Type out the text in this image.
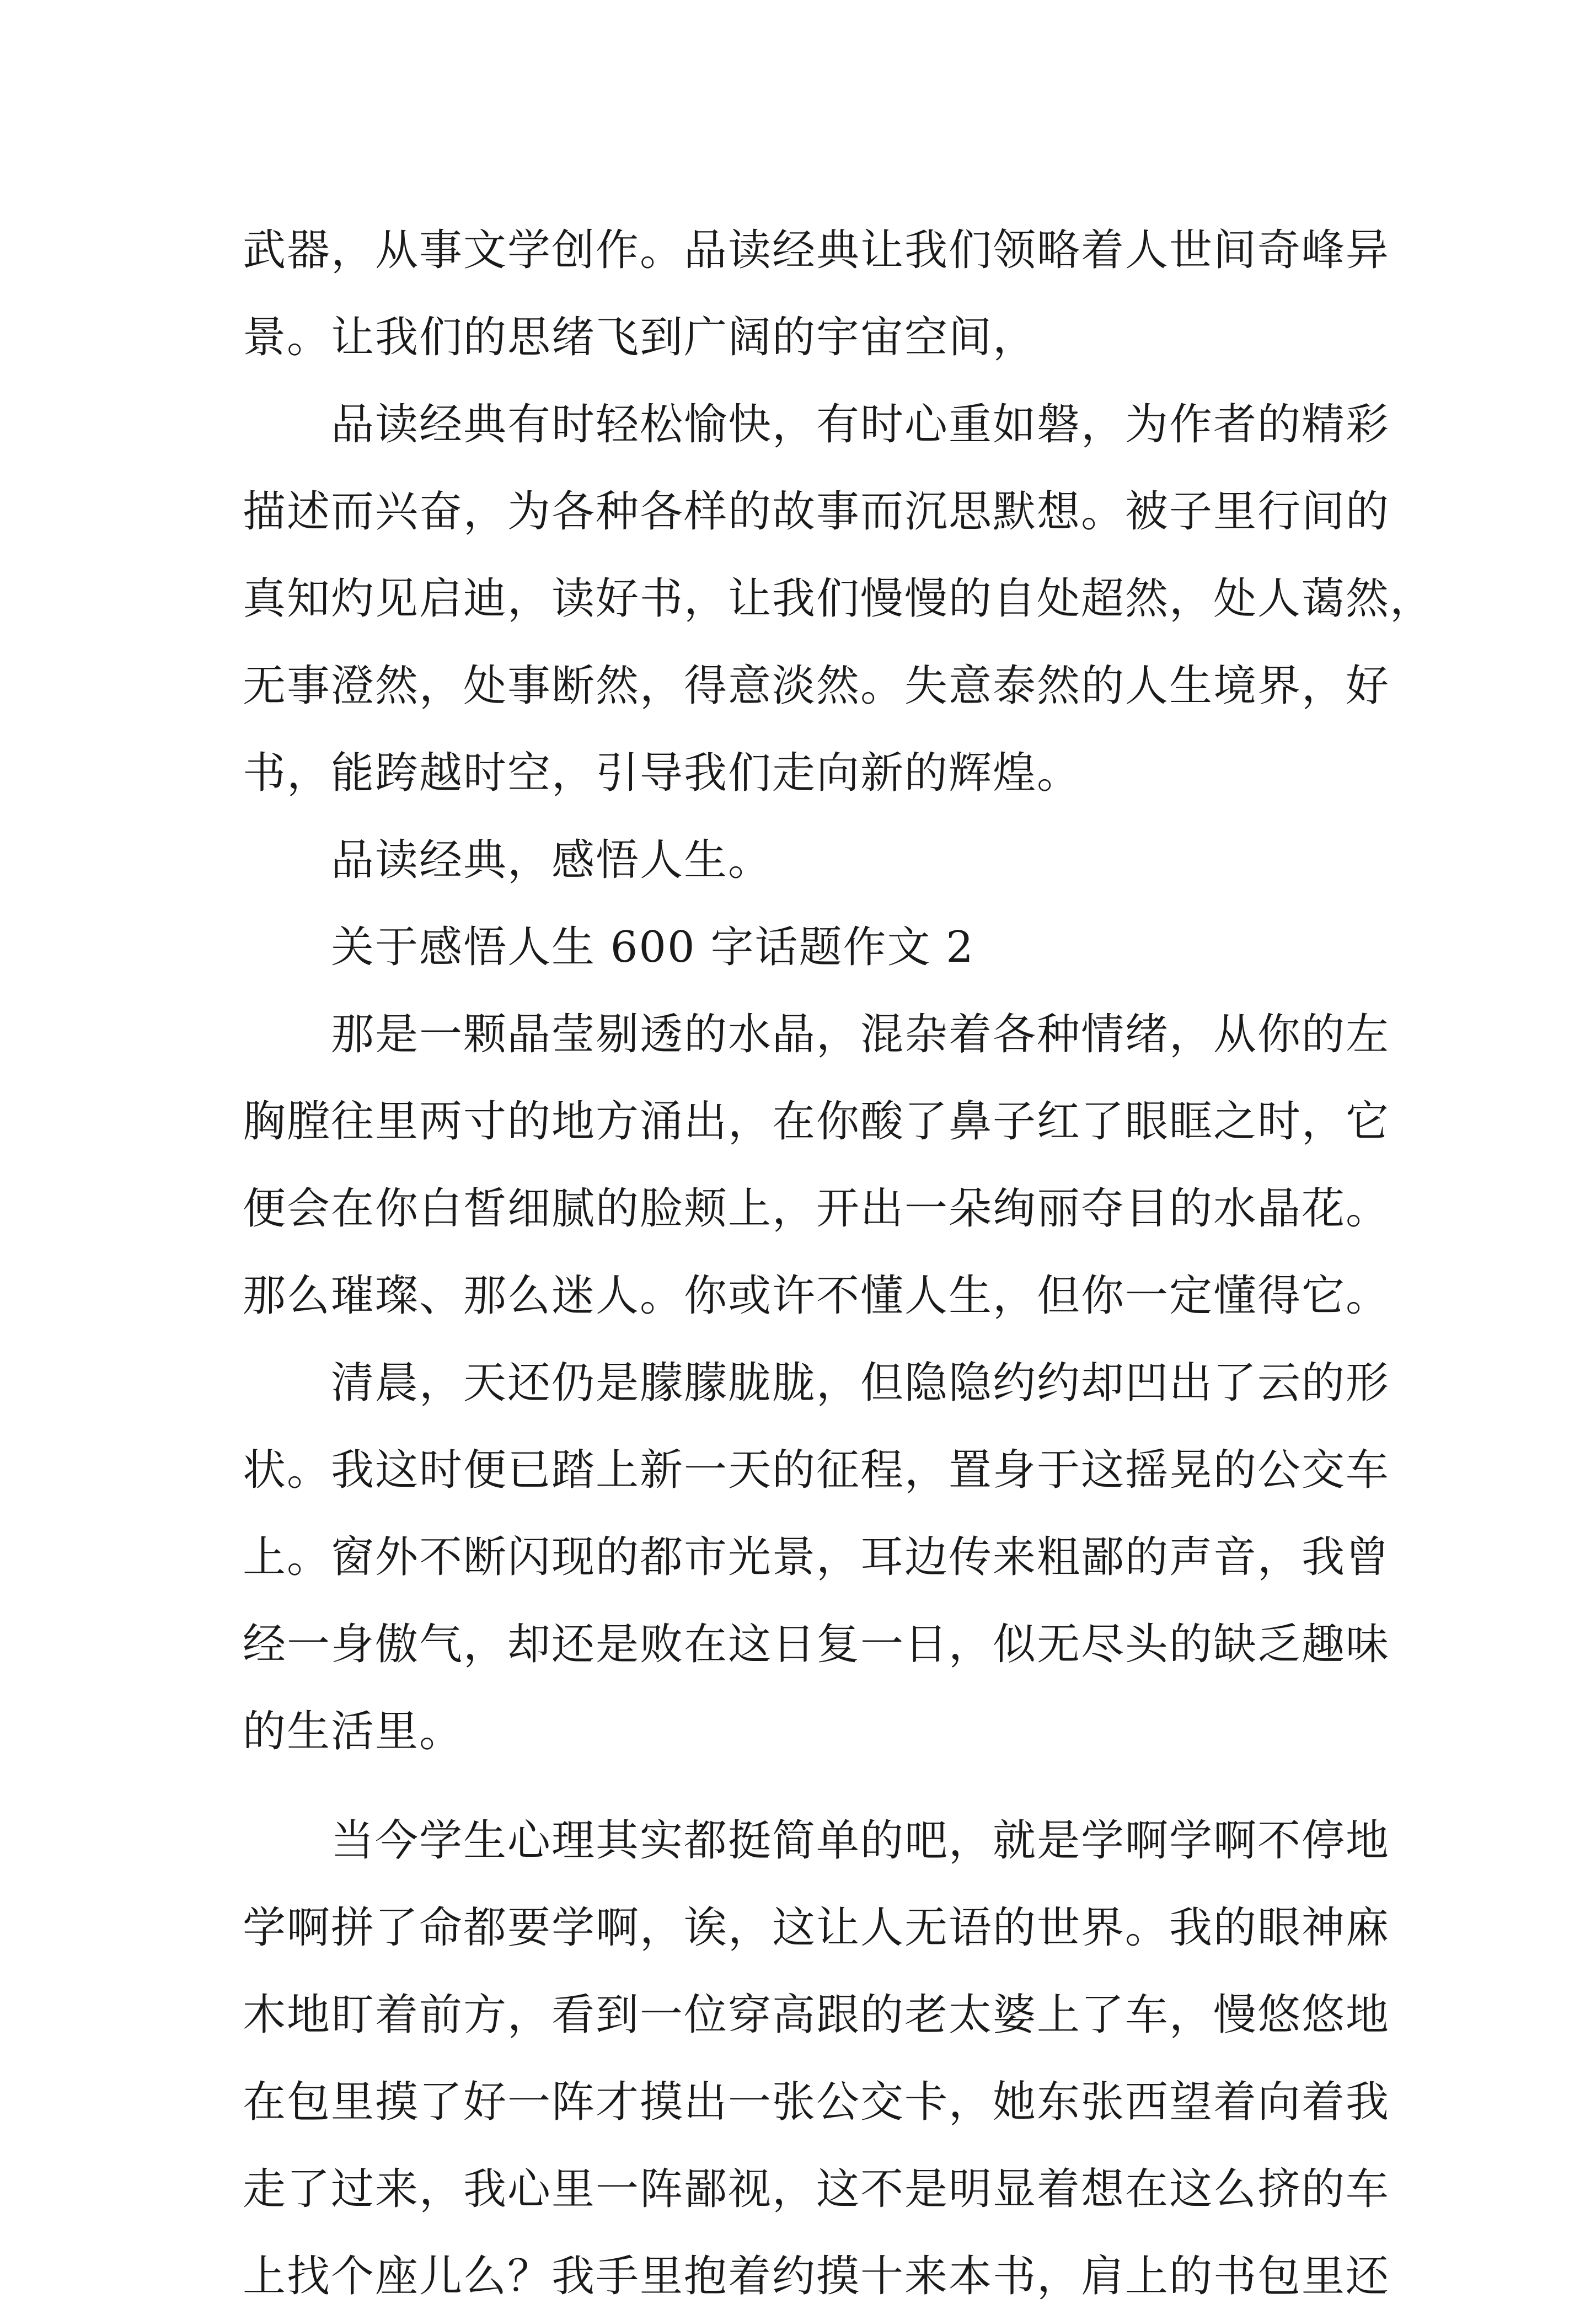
武器，从事文学创作。品读经典让我们领略着人世间奇峰异
景。让我们的思绪飞到广阔的宇宙空间，
品读经典有时轻松愉快，有时心重如磐，为作者的精彩
描述而兴奋，为各种各样的故事而沉思默想。被子里行间的
真知灼见启迪，读好书，让我们慢慢的自处超然，处人蔼然，
无事澄然，处事断然，得意淡然。失意泰然的人生境界，好
书，能跨越时空，引导我们走向新的辉煌。
品读经典，感悟人生。
关于感悟人生 600 字话题作文 2
那是一颗晶莹剔透的水晶，混杂着各种情绪，从你的左
胸膛往里两寸的地方涌出，在你酸了鼻子红了眼眶之时，它
便会在你白皙细腻的脸颊上，开出一朵绚丽夺目的水晶花。
那么璀璨、那么迷人。你或许不懂人生，但你一定懂得它。
清晨，天还仍是朦朦胧胧，但隐隐约约却凹出了云的形
状。我这时便已踏上新一天的征程，置身于这摇晃的公交车
上。窗外不断闪现的都市光景，耳边传来粗鄙的声音，我曾
经一身傲气，却还是败在这日复一日，似无尽头的缺乏趣味
的生活里。
当今学生心理其实都挺简单的吧，就是学啊学啊不停地
学啊拼了命都要学啊，诶，这让人无语的世界。我的眼神麻
木地盯着前方，看到一位穿高跟的老太婆上了车，慢悠悠地
在包里摸了好一阵才摸出一张公交卡，她东张西望着向着我
走了过来，我心里一阵鄙视，这不是明显着想在这么挤的车
上找个座儿么？我手里抱着约摸十来本书，肩上的书包里还
